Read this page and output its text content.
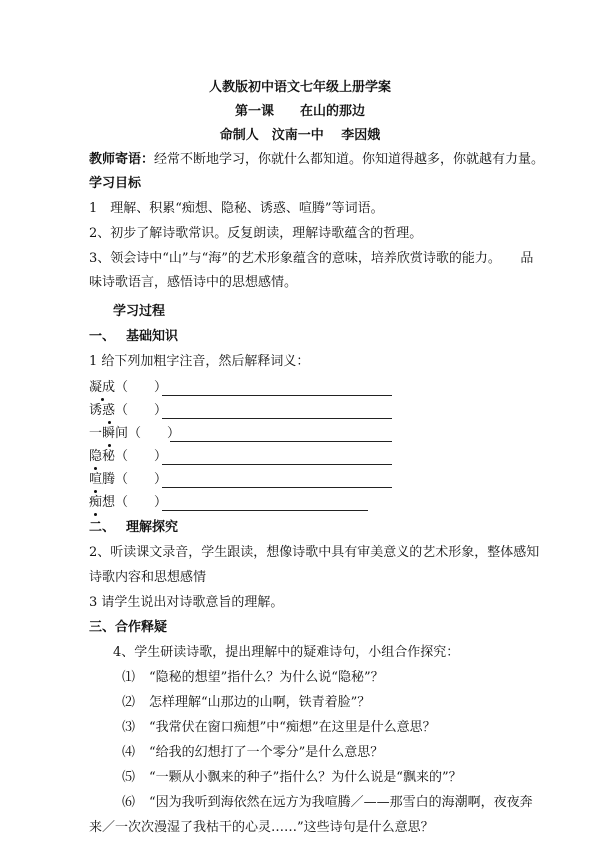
人教版初中语文七年级上册学案
第一课　　在山的那边
命制人　汶南一中　 李因娥
教师寄语：经常不断地学习，你就什么都知道。你知道得越多，你就越有力量。
学习目标
1　理解、积累“痴想、隐秘、诱惑、喧腾”等词语。
2、初步了解诗歌常识。反复朗读，理解诗歌蕴含的哲理。
3、领会诗中“山”与“海”的艺术形象蕴含的意味，培养欣赏诗歌的能力。　　品
味诗歌语言，感悟诗中的思想感情。
学习过程
一、　 基础知识
1 给下列加粗字注音，然后解释词义：
凝成
（　　）
诱惑
（　　）
一瞬间
（　　）
隐秘
（　　）
喧腾
（　　）
痴想
（　　）
二、　 理解探究
2、听读课文录音，学生跟读，想像诗歌中具有审美意义的艺术形象，整体感知
诗歌内容和思想感情
3 请学生说出对诗歌意旨的理解。
三、合作释疑
4、学生研读诗歌，提出理解中的疑难诗句，小组合作探究：
⑴ “隐秘的想望”指什么？为什么说“隐秘”？
⑵ 怎样理解“山那边的山啊，铁青着脸”？
⑶ “我常伏在窗口痴想”中“痴想”在这里是什么意思？
⑷ “给我的幻想打了一个零分”是什么意思？
⑸ “一颗从小飘来的种子”指什么？为什么说是“飘来的”？
⑹ “因为我听到海依然在远方为我喧腾／——那雪白的海潮啊，夜夜奔
来／一次次漫湿了我枯干的心灵……”这些诗句是什么意思？
